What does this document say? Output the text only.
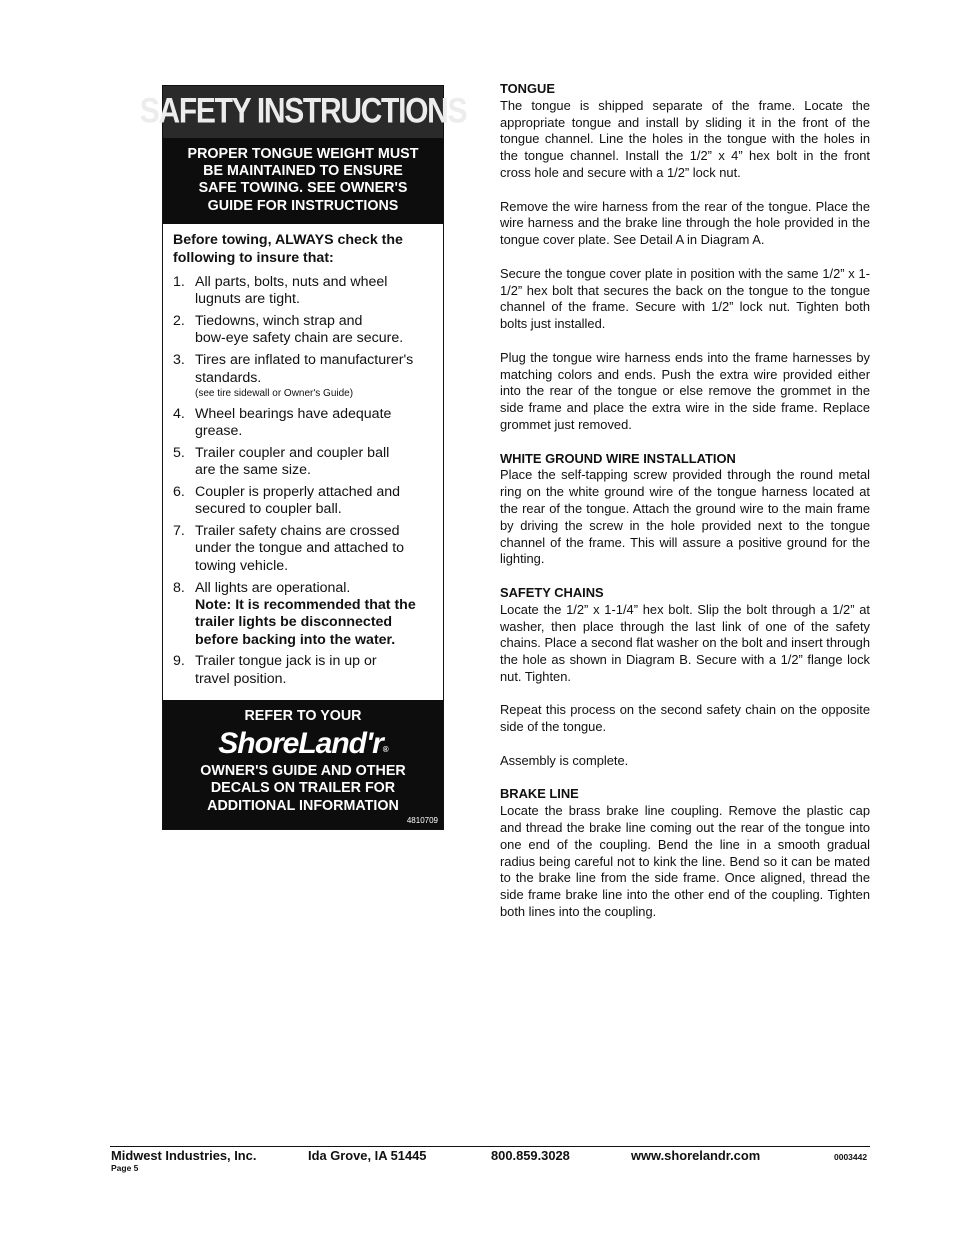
SAFETY INSTRUCTIONS
PROPER TONGUE WEIGHT MUST
BE MAINTAINED TO ENSURE
SAFE TOWING. SEE OWNER'S
GUIDE FOR INSTRUCTIONS
Before towing, ALWAYS check the
following to insure that:
1. All parts, bolts, nuts and wheel
lugnuts are tight.
2. Tiedowns, winch strap and
bow-eye safety chain are secure.
3. Tires are inflated to manufacturer's
standards.
(see tire sidewall or Owner's Guide)
4. Wheel bearings have adequate
grease.
5. Trailer coupler and coupler ball
are the same size.
6. Coupler is properly attached and
secured to coupler ball.
7. Trailer safety chains are crossed
under the tongue and attached to
towing vehicle.
8. All lights are operational.
Note: It is recommended that the
trailer lights be disconnected
before backing into the water.
9. Trailer tongue jack is in up or
travel position.
REFER TO YOUR
ShoreLand'r®
OWNER'S GUIDE AND OTHER
DECALS ON TRAILER FOR
ADDITIONAL INFORMATION
4810709
TONGUE

The tongue is shipped separate of the frame. Locate the appropriate tongue and install by sliding it in the front of the tongue channel. Line the holes in the tongue with the holes in the tongue channel. Install the 1/2” x 4” hex bolt in the front cross hole and secure with a 1/2” lock nut.

Remove the wire harness from the rear of the tongue. Place the wire harness and the brake line through the hole provided in the tongue cover plate. See Detail A in Diagram A.

Secure the tongue cover plate in position with the same 1/2” x 1-1/2” hex bolt that secures the back on the tongue to the tongue channel of the frame. Secure with 1/2” lock nut. Tighten both bolts just installed.

Plug the tongue wire harness ends into the frame harnesses by matching colors and ends. Push the extra wire provided either into the rear of the tongue or else remove the grommet in the side frame and place the extra wire in the side frame. Replace grommet just removed.

WHITE GROUND WIRE INSTALLATION

Place the self-tapping screw provided through the round metal ring on the white ground wire of the tongue harness located at the rear of the tongue. Attach the ground wire to the main frame by driving the screw in the hole provided next to the tongue channel of the frame. This will assure a positive ground for the lighting.

SAFETY CHAINS

Locate the 1/2” x 1-1/4” hex bolt. Slip the bolt through a 1/2” at washer, then place through the last link of one of the safety chains. Place a second flat washer on the bolt and insert through the hole as shown in Diagram B. Secure with a 1/2” flange lock nut. Tighten.

Repeat this process on the second safety chain on the opposite side of the tongue.

Assembly is complete.

BRAKE LINE

Locate the brass brake line coupling. Remove the plastic cap and thread the brake line coming out the rear of the tongue into one end of the coupling. Bend the line in a smooth gradual radius being careful not to kink the line. Bend so it can be mated to the brake line from the side frame. Once aligned, thread the side frame brake line into the other end of the coupling. Tighten both lines into the coupling.

Midwest Industries, Inc.	Ida Grove, IA 51445	800.859.3028	www.shorelandr.com	0003442
Page 5
